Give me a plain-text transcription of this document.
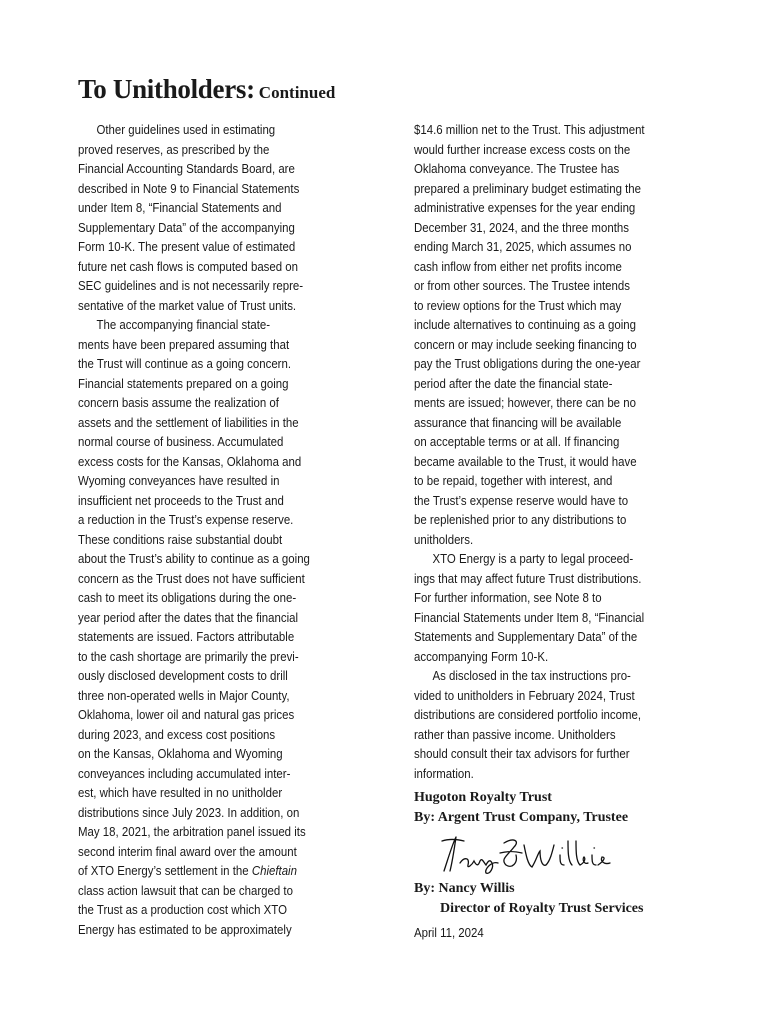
To Unitholders: Continued
Other guidelines used in estimating
proved reserves, as prescribed by the
Financial Accounting Standards Board, are
described in Note 9 to Financial Statements
under Item 8, “Financial Statements and
Supplementary Data” of the accompanying
Form 10-K. The present value of estimated
future net cash flows is computed based on
SEC guidelines and is not necessarily repre-
sentative of the market value of Trust units.
The accompanying financial state-
ments have been prepared assuming that
the Trust will continue as a going concern.
Financial statements prepared on a going
concern basis assume the realization of
assets and the settlement of liabilities in the
normal course of business. Accumulated
excess costs for the Kansas, Oklahoma and
Wyoming conveyances have resulted in
insufficient net proceeds to the Trust and
a reduction in the Trust’s expense reserve.
These conditions raise substantial doubt
about the Trust’s ability to continue as a going
concern as the Trust does not have sufficient
cash to meet its obligations during the one-
year period after the dates that the financial
statements are issued. Factors attributable
to the cash shortage are primarily the previ-
ously disclosed development costs to drill
three non-operated wells in Major County,
Oklahoma, lower oil and natural gas prices
during 2023, and excess cost positions
on the Kansas, Oklahoma and Wyoming
conveyances including accumulated inter-
est, which have resulted in no unitholder
distributions since July 2023. In addition, on
May 18, 2021, the arbitration panel issued its
second interim final award over the amount
of XTO Energy’s settlement in the Chieftain
class action lawsuit that can be charged to
the Trust as a production cost which XTO
Energy has estimated to be approximately
$14.6 million net to the Trust. This adjustment
would further increase excess costs on the
Oklahoma conveyance. The Trustee has
prepared a preliminary budget estimating the
administrative expenses for the year ending
December 31, 2024, and the three months
ending March 31, 2025, which assumes no
cash inflow from either net profits income
or from other sources. The Trustee intends
to review options for the Trust which may
include alternatives to continuing as a going
concern or may include seeking financing to
pay the Trust obligations during the one-year
period after the date the financial state-
ments are issued; however, there can be no
assurance that financing will be available
on acceptable terms or at all. If financing
became available to the Trust, it would have
to be repaid, together with interest, and
the Trust’s expense reserve would have to
be replenished prior to any distributions to
unitholders.
XTO Energy is a party to legal proceed-
ings that may affect future Trust distributions.
For further information, see Note 8 to
Financial Statements under Item 8, “Financial
Statements and Supplementary Data” of the
accompanying Form 10-K.
As disclosed in the tax instructions pro-
vided to unitholders in February 2024, Trust
distributions are considered portfolio income,
rather than passive income. Unitholders
should consult their tax advisors for further
information.
Hugoton Royalty Trust
By: Argent Trust Company, Trustee
By: Nancy Willis
Director of Royalty Trust Services
April 11, 2024
